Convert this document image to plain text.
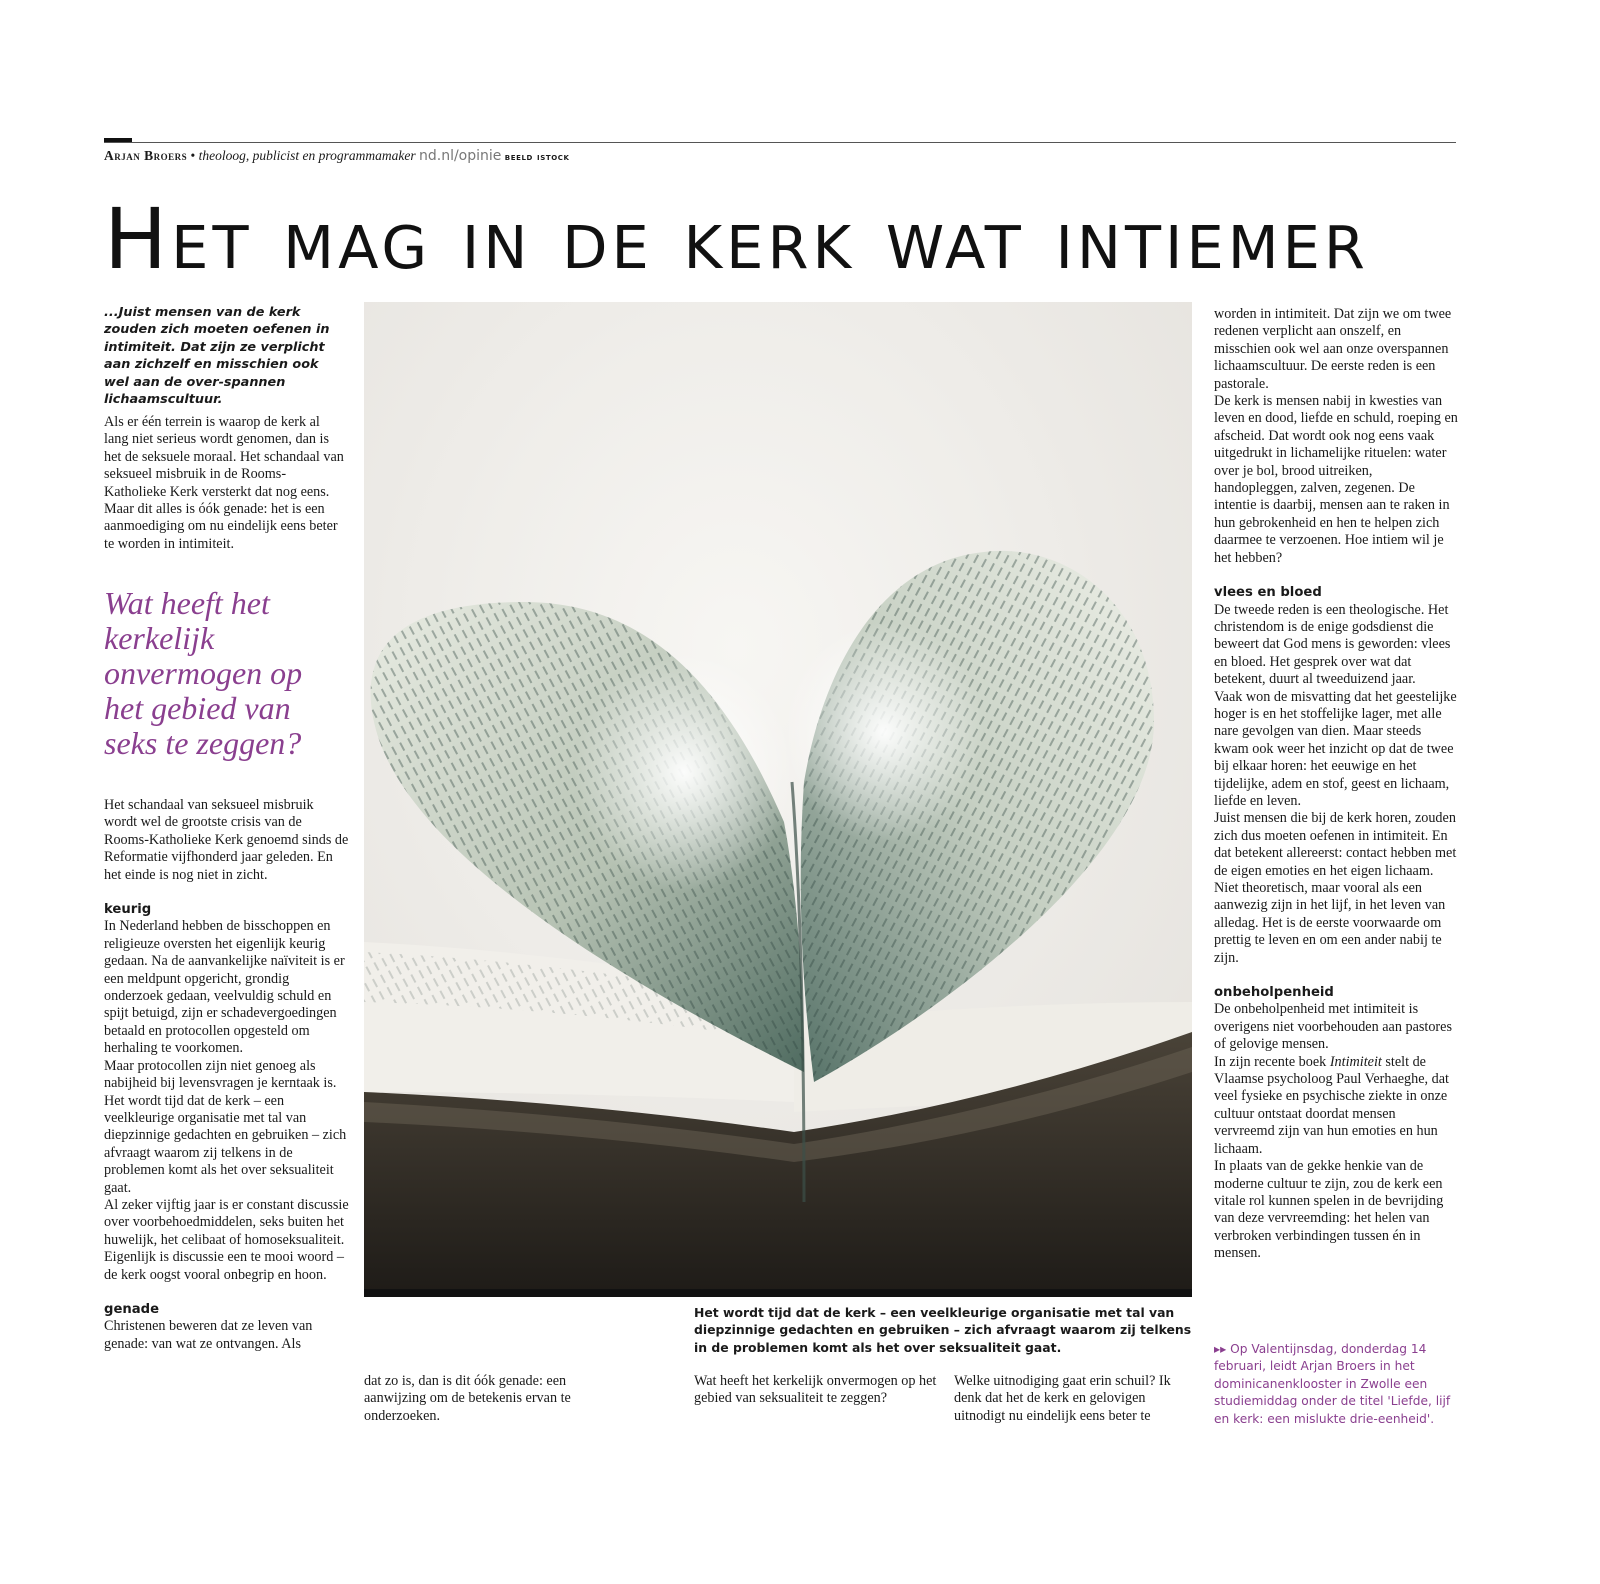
Arjan Broers • theoloog, publicist en programmamaker nd.nl/opinie beeld istock
Het mag in de kerk wat intiemer
...Juist mensen van de kerk zouden zich moeten oefenen in intimiteit. Dat zijn ze verplicht aan zichzelf en misschien ook wel aan de over-spannen lichaamscultuur.

Als er één terrein is waarop de kerk al lang niet serieus wordt genomen, dan is het de seksuele moraal. Het schandaal van seksueel misbruik in de Rooms-Katholieke Kerk versterkt dat nog eens.

Maar dit alles is óók genade: het is een aanmoediging om nu eindelijk eens beter te worden in intimiteit.

Wat heeft het kerkelijk onvermogen op het gebied van seks te zeggen?

Het schandaal van seksueel misbruik wordt wel de grootste crisis van de Rooms-Katholieke Kerk genoemd sinds de Reformatie vijfhonderd jaar geleden. En het einde is nog niet in zicht.

keurig

In Nederland hebben de bisschoppen en religieuze oversten het eigenlijk keurig gedaan. Na de aanvankelijke naïviteit is er een meldpunt opgericht, grondig onderzoek gedaan, veelvuldig schuld en spijt betuigd, zijn er schadevergoedingen betaald en protocollen opgesteld om herhaling te voorkomen.

Maar protocollen zijn niet genoeg als nabijheid bij levensvragen je kerntaak is.

Het wordt tijd dat de kerk – een veelkleurige organisatie met tal van diepzinnige gedachten en gebruiken – zich afvraagt waarom zij telkens in de problemen komt als het over seksualiteit gaat.

Al zeker vijftig jaar is er constant discussie over voorbehoedmiddelen, seks buiten het huwelijk, het celibaat of homoseksualiteit. Eigenlijk is discussie een te mooi woord – de kerk oogst vooral onbegrip en hoon.

genade

Christenen beweren dat ze leven van genade: van wat ze ontvangen. Als

dat zo is, dan is dit óók genade: een aanwijzing om de betekenis ervan te onderzoeken.

Het wordt tijd dat de kerk – een veelkleurige organisatie met tal van diepzinnige gedachten en gebruiken – zich afvraagt waarom zij telkens in de problemen komt als het over seksualiteit gaat.

Wat heeft het kerkelijk onvermogen op het gebied van seksualiteit te zeggen?

Welke uitnodiging gaat erin schuil? Ik denk dat het de kerk en gelovigen uitnodigt nu eindelijk eens beter te

worden in intimiteit. Dat zijn we om twee redenen verplicht aan onszelf, en misschien ook wel aan onze overspannen lichaamscultuur. De eerste reden is een pastorale.

De kerk is mensen nabij in kwesties van leven en dood, liefde en schuld, roeping en afscheid. Dat wordt ook nog eens vaak uitgedrukt in lichamelijke rituelen: water over je bol, brood uitreiken, handopleggen, zalven, zegenen. De intentie is daarbij, mensen aan te raken in hun gebrokenheid en hen te helpen zich daarmee te verzoenen. Hoe intiem wil je het hebben?

vlees en bloed

De tweede reden is een theologische. Het christendom is de enige godsdienst die beweert dat God mens is geworden: vlees en bloed. Het gesprek over wat dat betekent, duurt al tweeduizend jaar.

Vaak won de misvatting dat het geestelijke hoger is en het stoffelijke lager, met alle nare gevolgen van dien. Maar steeds kwam ook weer het inzicht op dat de twee bij elkaar horen: het eeuwige en het tijdelijke, adem en stof, geest en lichaam, liefde en leven.

Juist mensen die bij de kerk horen, zouden zich dus moeten oefenen in intimiteit. En dat betekent allereerst: contact hebben met de eigen emoties en het eigen lichaam. Niet theoretisch, maar vooral als een aanwezig zijn in het lijf, in het leven van alledag. Het is de eerste voorwaarde om prettig te leven en om een ander nabij te zijn.

onbeholpenheid

De onbeholpenheid met intimiteit is overigens niet voorbehouden aan pastores of gelovige mensen.

In zijn recente boek Intimiteit stelt de Vlaamse psycholoog Paul Verhaeghe, dat veel fysieke en psychische ziekte in onze cultuur ontstaat doordat mensen vervreemd zijn van hun emoties en hun lichaam.

In plaats van de gekke henkie van de moderne cultuur te zijn, zou de kerk een vitale rol kunnen spelen in de bevrijding van deze vervreemding: het helen van verbroken verbindingen tussen én in mensen.

▸▸ Op Valentijnsdag, donderdag 14 februari, leidt Arjan Broers in het dominicanenklooster in Zwolle een studiemiddag onder de titel 'Liefde, lijf en kerk: een mislukte drie-eenheid'.
